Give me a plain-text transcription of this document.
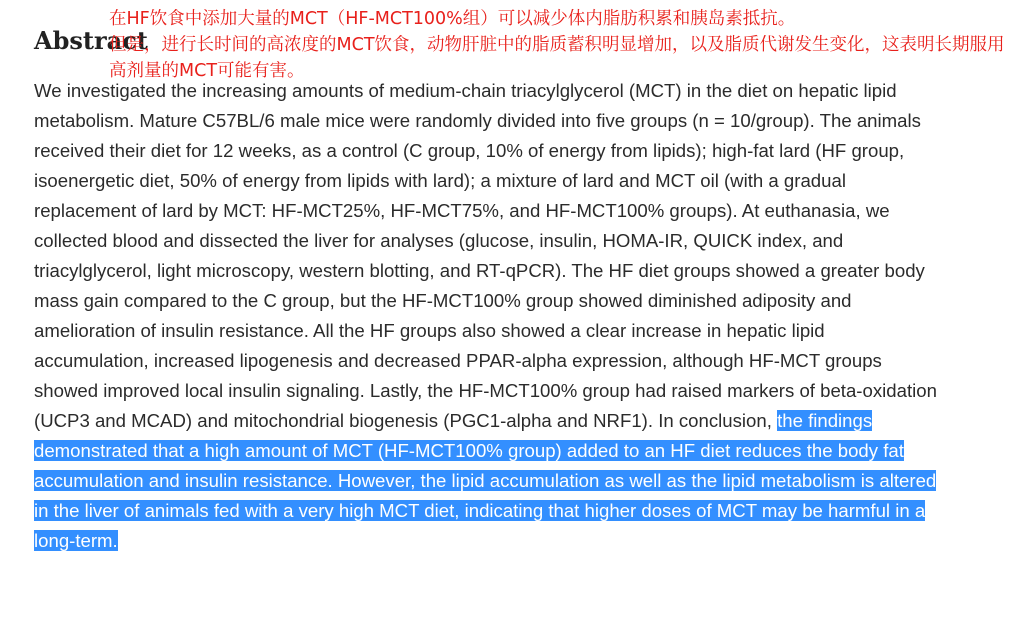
Abstract

We investigated the increasing amounts of medium-chain triacylglycerol (MCT) in the diet on hepatic lipid metabolism. Mature C57BL/6 male mice were randomly divided into five groups (n = 10/group). The animals received their diet for 12 weeks, as a control (C group, 10% of energy from lipids); high-fat lard (HF group, isoenergetic diet, 50% of energy from lipids with lard); a mixture of lard and MCT oil (with a gradual replacement of lard by MCT: HF-MCT25%, HF-MCT75%, and HF-MCT100% groups). At euthanasia, we collected blood and dissected the liver for analyses (glucose, insulin, HOMA-IR, QUICK index, and triacylglycerol, light microscopy, western blotting, and RT-qPCR). The HF diet groups showed a greater body mass gain compared to the C group, but the HF-MCT100% group showed diminished adiposity and amelioration of insulin resistance. All the HF groups also showed a clear increase in hepatic lipid accumulation, increased lipogenesis and decreased PPAR-alpha expression, although HF-MCT groups showed improved local insulin signaling. Lastly, the HF-MCT100% group had raised markers of beta-oxidation (UCP3 and MCAD) and mitochondrial biogenesis (PGC1-alpha and NRF1). In conclusion, the findings demonstrated that a high amount of MCT (HF-MCT100% group) added to an HF diet reduces the body fat accumulation and insulin resistance. However, the lipid accumulation as well as the lipid metabolism is altered in the liver of animals fed with a very high MCT diet, indicating that higher doses of MCT may be harmful in a long-term.

在HF饮食中添加大量的MCT（HF-MCT100%组）可以减少体内脂肪积累和胰岛素抵抗。
但是，进行长时间的高浓度的MCT饮食，动物肝脏中的脂质蓄积明显增加，以及脂质代谢发生变化，这表明长期服用高剂量的MCT可能有害。
